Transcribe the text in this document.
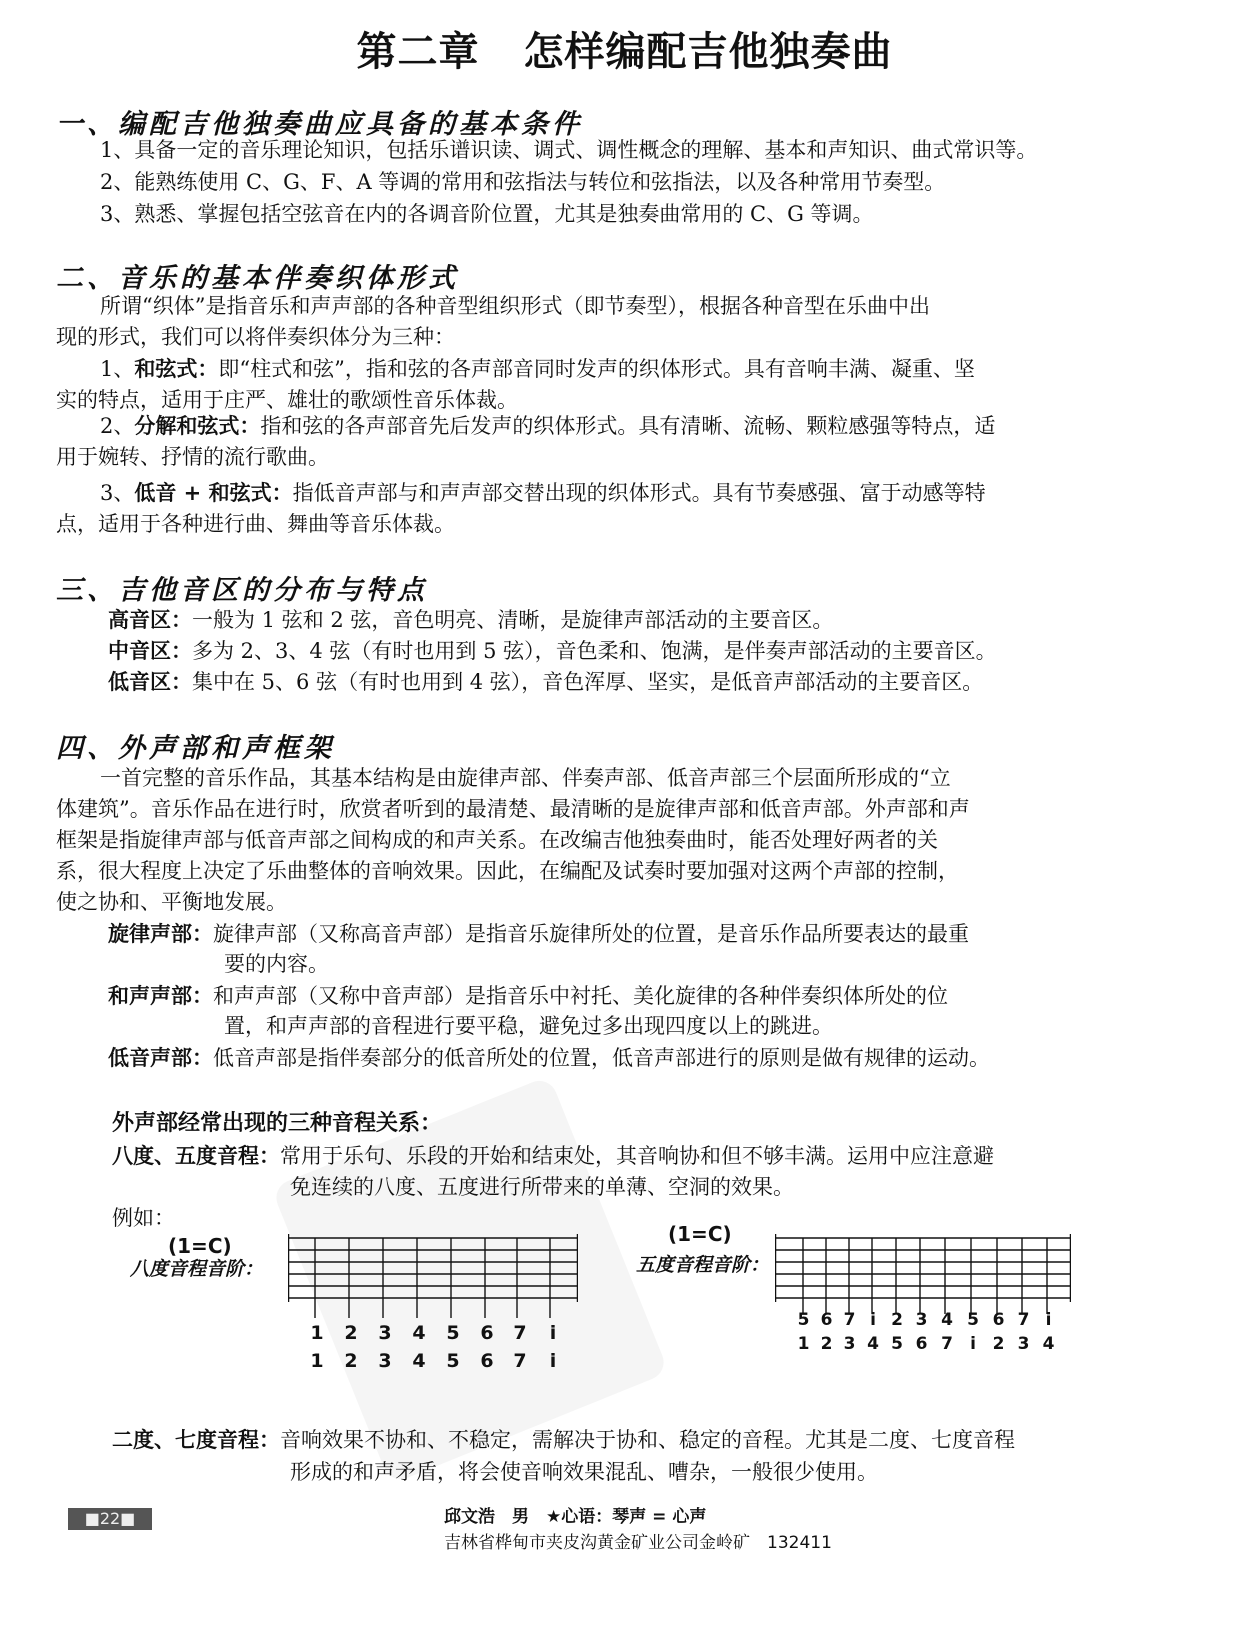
第二章 怎样编配吉他独奏曲
一、编配吉他独奏曲应具备的基本条件
1、具备一定的音乐理论知识，包括乐谱识读、调式、调性概念的理解、基本和声知识、曲式常识等。
2、能熟练使用 C、G、F、A 等调的常用和弦指法与转位和弦指法，以及各种常用节奏型。
3、熟悉、掌握包括空弦音在内的各调音阶位置，尤其是独奏曲常用的 C、G 等调。
二、音乐的基本伴奏织体形式
所谓“织体”是指音乐和声声部的各种音型组织形式（即节奏型），根据各种音型在乐曲中出
现的形式，我们可以将伴奏织体分为三种：
1、和弦式：即“柱式和弦”，指和弦的各声部音同时发声的织体形式。具有音响丰满、凝重、坚
实的特点，适用于庄严、雄壮的歌颂性音乐体裁。
2、分解和弦式：指和弦的各声部音先后发声的织体形式。具有清晰、流畅、颗粒感强等特点，适
用于婉转、抒情的流行歌曲。
3、低音 + 和弦式：指低音声部与和声声部交替出现的织体形式。具有节奏感强、富于动感等特
点，适用于各种进行曲、舞曲等音乐体裁。
三、吉他音区的分布与特点
高音区：一般为 1 弦和 2 弦，音色明亮、清晰，是旋律声部活动的主要音区。
中音区：多为 2、3、4 弦（有时也用到 5 弦），音色柔和、饱满，是伴奏声部活动的主要音区。
低音区：集中在 5、6 弦（有时也用到 4 弦），音色浑厚、坚实，是低音声部活动的主要音区。
四、外声部和声框架
一首完整的音乐作品，其基本结构是由旋律声部、伴奏声部、低音声部三个层面所形成的“立
体建筑”。音乐作品在进行时，欣赏者听到的最清楚、最清晰的是旋律声部和低音声部。外声部和声
框架是指旋律声部与低音声部之间构成的和声关系。在改编吉他独奏曲时，能否处理好两者的关
系，很大程度上决定了乐曲整体的音响效果。因此，在编配及试奏时要加强对这两个声部的控制，
使之协和、平衡地发展。
旋律声部：旋律声部（又称高音声部）是指音乐旋律所处的位置，是音乐作品所要表达的最重
要的内容。
和声声部：和声声部（又称中音声部）是指音乐中衬托、美化旋律的各种伴奏织体所处的位
置，和声声部的音程进行要平稳，避免过多出现四度以上的跳进。
低音声部：低音声部是指伴奏部分的低音所处的位置，低音声部进行的原则是做有规律的运动。
外声部经常出现的三种音程关系：
八度、五度音程：常用于乐句、乐段的开始和结束处，其音响协和但不够丰满。运用中应注意避
免连续的八度、五度进行所带来的单薄、空洞的效果。
例如：
(1=C)
八度音程音阶：
1 2 3 4 5 6 7 i
1 2 3 4 5 6 7 i
(1=C)
五度音程音阶：
5 6 7 i 2 3 4 5 6 7 i
1 2 3 4 5 6 7 i 2 3 4
二度、七度音程：音响效果不协和、不稳定，需解决于协和、稳定的音程。尤其是二度、七度音程
形成的和声矛盾，将会使音响效果混乱、嘈杂，一般很少使用。
■22■	邱文浩　男　★心语：琴声 = 心声
吉林省桦甸市夹皮沟黄金矿业公司金岭矿　132411
